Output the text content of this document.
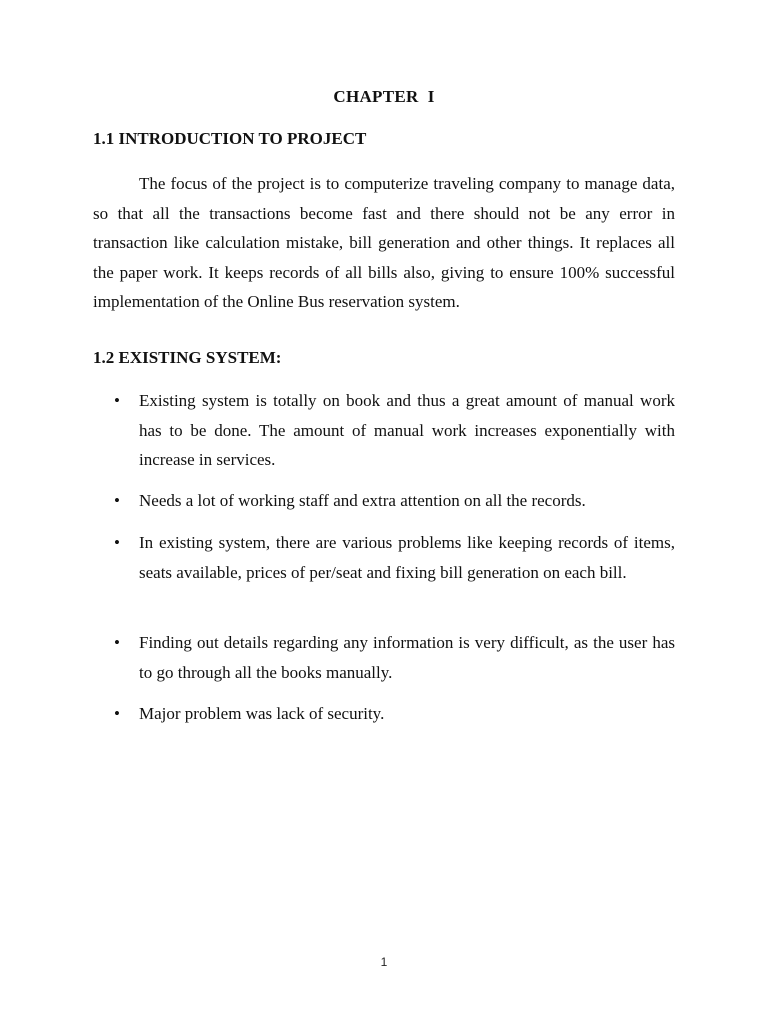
CHAPTER  I
1.1 INTRODUCTION TO PROJECT

The focus of the project is to computerize traveling company to manage data, so that all the transactions become fast and there should not be any error in transaction like calculation mistake, bill generation and other things. It replaces all the paper work. It keeps records of all bills also, giving to ensure 100% successful implementation of the Online Bus reservation system.

1.2 EXISTING SYSTEM:
• Existing system is totally on book and thus a great amount of manual work has to be done. The amount of manual work increases exponentially with increase in services.
• Needs a lot of working staff and extra attention on all the records.
• In existing system, there are various problems like keeping records of items, seats available, prices of per/seat and fixing bill generation on each bill.
• Finding out details regarding any information is very difficult, as the user has to go through all the books manually.
• Major problem was lack of security.
1
